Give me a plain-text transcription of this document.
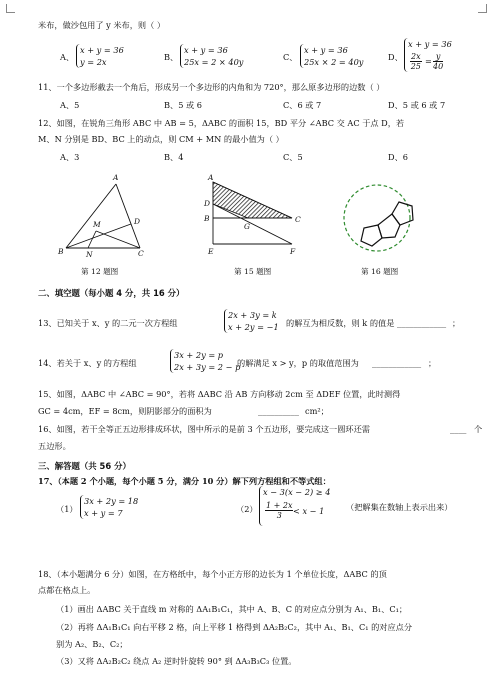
米布，做沙包用了 y 米布，则（ ）
A、
x + y = 36
y = 2x	B、
x + y = 36
25x = 2 × 40y	C、
x + y = 36
25x × 2 = 40y	D、
x + y = 36
$\frac{2x}{25} = \frac{y}{40}$
11、一个多边形截去一个角后，形成另一个多边形的内角和为 720°，那么原多边形的边数（ ）
A、5	B、5 或 6	C、6 或 7	D、5 或 6 或 7
12、如图，在锐角三角形 ABC 中 AB = 5，ΔABC 的面积 15，BD 平分 ∠ABC 交 AC 于点 D，若
M、N 分别是 BD、BC 上的动点，则 CM + MN 的最小值为（ ）
A、3	B、4	C、5	D、6
A
D
M
B	N	C
A
D
B
G
C
E	F
第 12 题图	第 15 题图	第 16 题图
二、填空题（每小题 4 分，共 16 分）
13、已知关于 x、y 的二元一次方程组
2x + 3y = k
x + 2y = −1 的解互为相反数，则 k 的值是 ____________ ；
14、若关于 x、y 的方程组
3x + 2y = p
2x + 3y = 2 − p
的解满足 x > y，p 的取值范围为 ____________ ；
15、如图，ΔABC 中 ∠ABC = 90°，若将 ΔABC 沿 AB 方向移动 2cm 至 ΔDEF 位置，此时测得
GC = 4cm，EF = 8cm，则阴影部分的面积为	__________ cm²；
16、如图，若干全等正五边形排成环状，图中所示的是前 3 个五边形，要完成这一圆环还需	____ 个
五边形。
三、解答题（共 56 分）
17、（本题 2 个小题，每个小题 5 分，满分 10 分）解下列方程组和不等式组：
（1）
3x + 2y = 18
x + y = 7	（2）
x − 3(x − 2) ≥ 4
$\frac{1 + 2x}{3} < x - 1$	（把解集在数轴上表示出来）
18、（本小题满分 6 分）如图，在方格纸中，每个小正方形的边长为 1 个单位长度，ΔABC 的顶
点都在格点上。
（1）画出 ΔABC 关于直线 m 对称的 ΔA₁B₁C₁，其中 A、B、C 的对应点分别为 A₁、B₁、C₁；
（2）再将 ΔA₁B₁C₁ 向右平移 2 格，向上平移 1 格得到 ΔA₂B₂C₂，其中 A₁、B₁、C₁ 的对应点分
别为 A₂、B₂、C₂；
（3）又将 ΔA₂B₂C₂ 绕点 A₂ 逆时针旋转 90° 到 ΔA₃B₃C₃ 位置。
